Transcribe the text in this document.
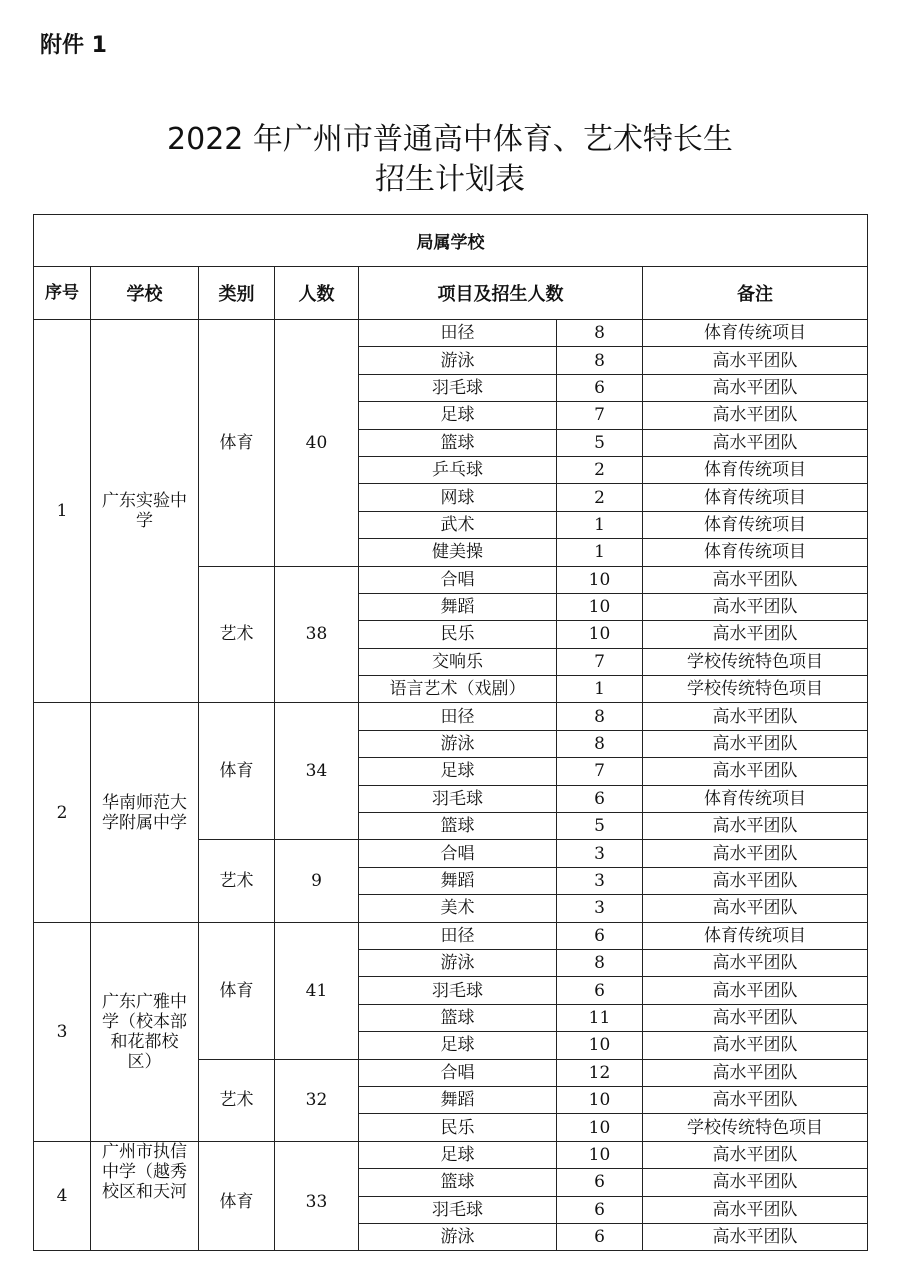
附件 1
2022 年广州市普通高中体育、艺术特长生
招生计划表
局属学校						
序号	学校	类别	人数	项目及招生人数		备注
1	广东实验中学	体育	40	田径	8	体育传统项目
				游泳	8	高水平团队
				羽毛球	6	高水平团队
				足球	7	高水平团队
				篮球	5	高水平团队
				乒乓球	2	体育传统项目
				网球	2	体育传统项目
				武术	1	体育传统项目
				健美操	1	体育传统项目
		艺术	38	合唱	10	高水平团队
				舞蹈	10	高水平团队
				民乐	10	高水平团队
				交响乐	7	学校传统特色项目
				语言艺术（戏剧）	1	学校传统特色项目
2	华南师范大学附属中学	体育	34	田径	8	高水平团队
				游泳	8	高水平团队
				足球	7	高水平团队
				羽毛球	6	体育传统项目
				篮球	5	高水平团队
		艺术	9	合唱	3	高水平团队
				舞蹈	3	高水平团队
				美术	3	高水平团队
3	广东广雅中学（校本部和花都校区）	体育	41	田径	6	体育传统项目
				游泳	8	高水平团队
				羽毛球	6	高水平团队
				篮球	11	高水平团队
				足球	10	高水平团队
		艺术	32	合唱	12	高水平团队
				舞蹈	10	高水平团队
				民乐	10	学校传统特色项目
4	广州市执信中学（越秀校区和天河	体育	33	足球	10	高水平团队
				篮球	6	高水平团队
				羽毛球	6	高水平团队
				游泳	6	高水平团队
